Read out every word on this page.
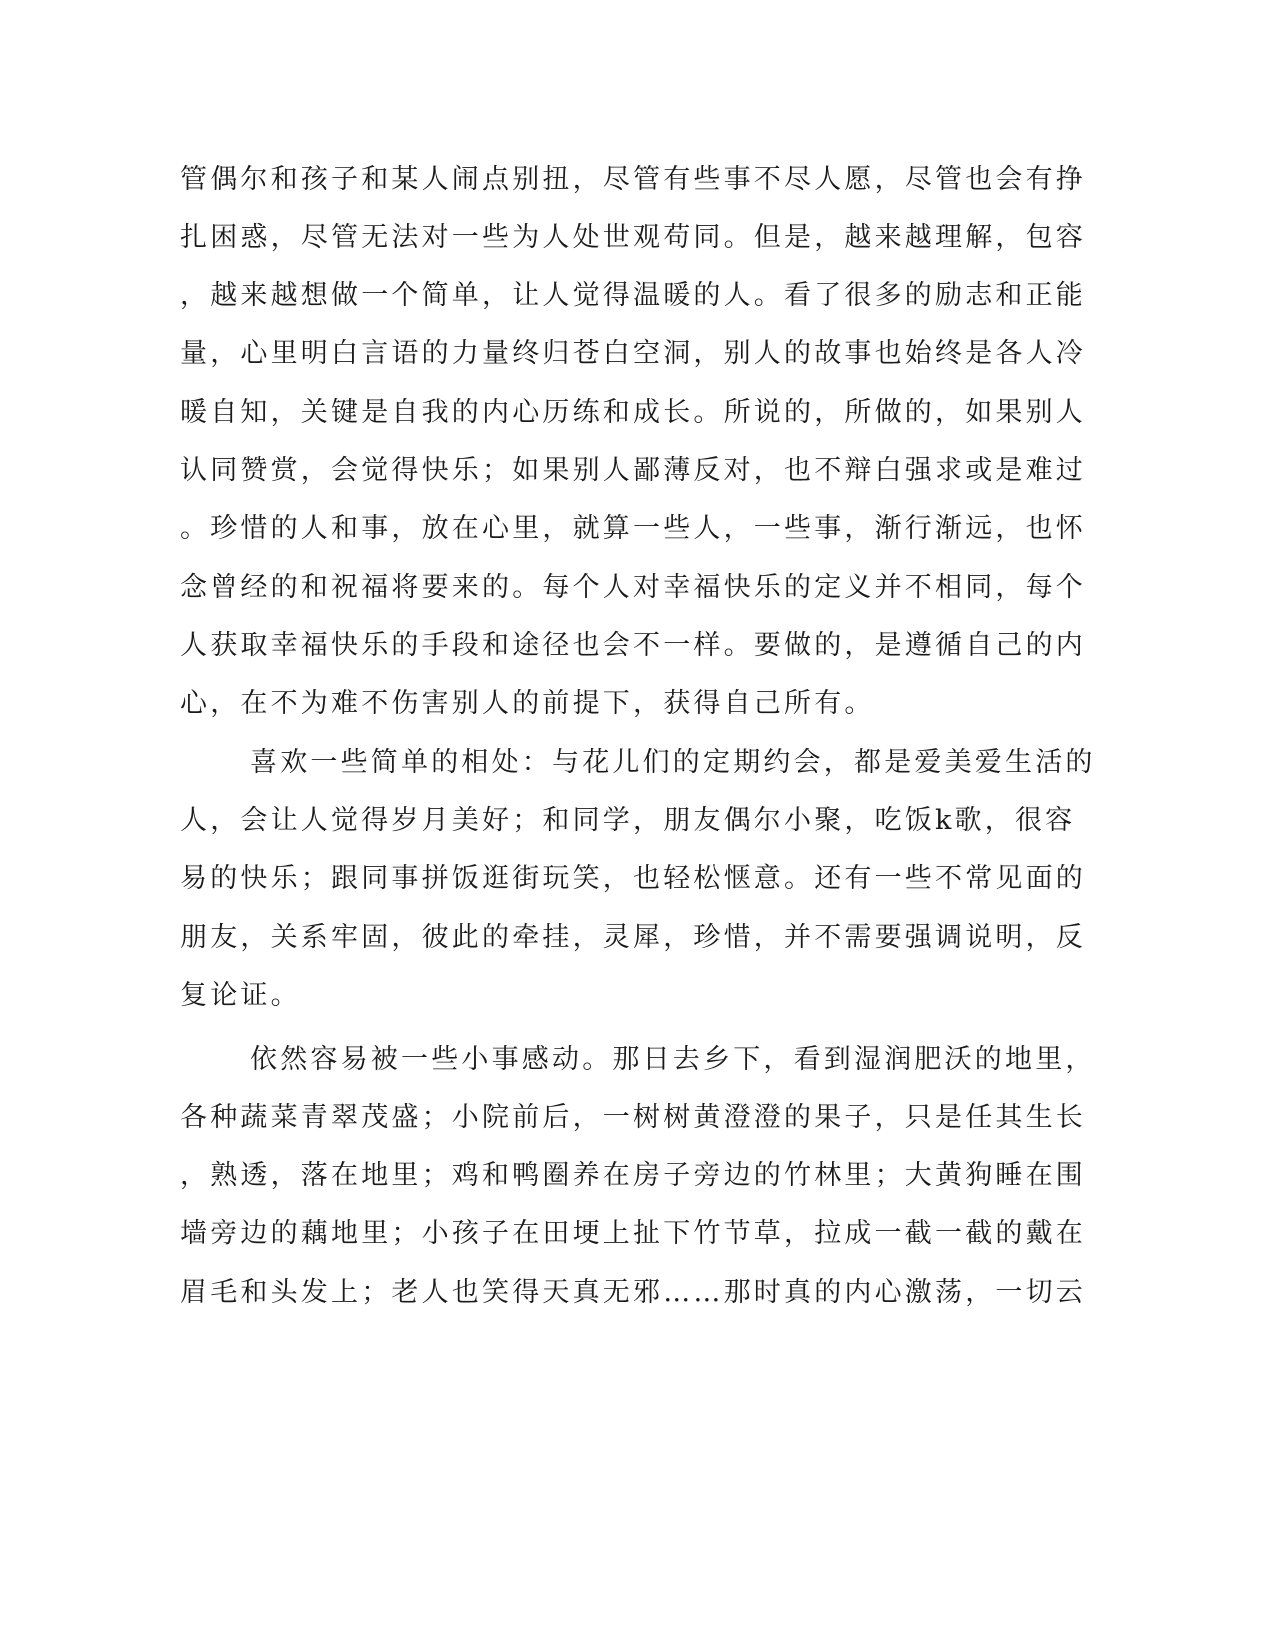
管偶尔和孩子和某人闹点别扭，尽管有些事不尽人愿，尽管也会有挣
扎困惑，尽管无法对一些为人处世观苟同。但是，越来越理解，包容
，越来越想做一个简单，让人觉得温暖的人。看了很多的励志和正能
量，心里明白言语的力量终归苍白空洞，别人的故事也始终是各人冷
暖自知，关键是自我的内心历练和成长。所说的，所做的，如果别人
认同赞赏，会觉得快乐；如果别人鄙薄反对，也不辩白强求或是难过
。珍惜的人和事，放在心里，就算一些人，一些事，渐行渐远，也怀
念曾经的和祝福将要来的。每个人对幸福快乐的定义并不相同，每个
人获取幸福快乐的手段和途径也会不一样。要做的，是遵循自己的内
心，在不为难不伤害别人的前提下，获得自己所有。
喜欢一些简单的相处：与花儿们的定期约会，都是爱美爱生活的
人，会让人觉得岁月美好；和同学，朋友偶尔小聚，吃饭k歌，很容
易的快乐；跟同事拼饭逛街玩笑，也轻松惬意。还有一些不常见面的
朋友，关系牢固，彼此的牵挂，灵犀，珍惜，并不需要强调说明，反
复论证。
依然容易被一些小事感动。那日去乡下，看到湿润肥沃的地里，
各种蔬菜青翠茂盛；小院前后，一树树黄澄澄的果子，只是任其生长
，熟透，落在地里；鸡和鸭圈养在房子旁边的竹林里；大黄狗睡在围
墙旁边的藕地里；小孩子在田埂上扯下竹节草，拉成一截一截的戴在
眉毛和头发上；老人也笑得天真无邪……那时真的内心激荡，一切云
